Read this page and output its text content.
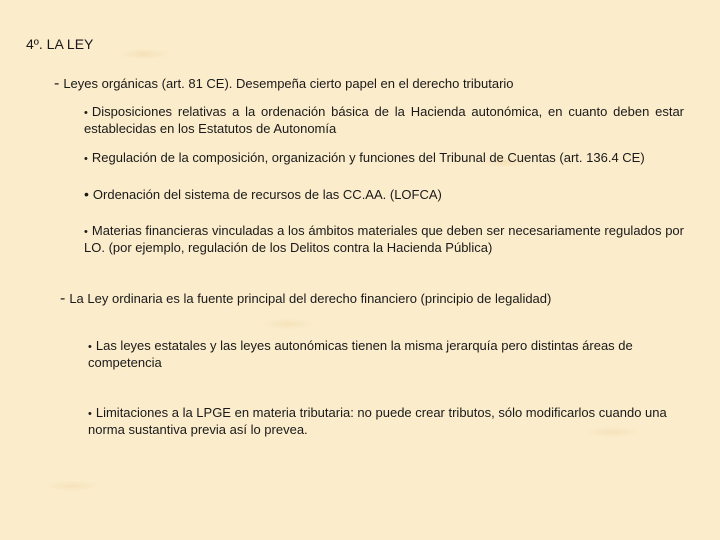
4º. LA LEY
- Leyes orgánicas (art. 81 CE). Desempeña cierto papel en el derecho tributario
• Disposiciones relativas a la ordenación básica de la Hacienda autonómica, en cuanto deben estar establecidas en los Estatutos de Autonomía
• Regulación de la composición, organización y funciones del Tribunal de Cuentas (art. 136.4 CE)
• Ordenación del sistema de recursos de las CC.AA. (LOFCA)
• Materias financieras vinculadas a los ámbitos materiales que deben ser necesariamente regulados por LO. (por ejemplo, regulación de los Delitos contra la Hacienda Pública)
- La Ley ordinaria es la fuente principal del derecho financiero (principio de legalidad)
• Las leyes estatales y las leyes autonómicas tienen la misma jerarquía pero distintas áreas de competencia
• Limitaciones a la LPGE en materia tributaria: no puede crear tributos, sólo modificarlos cuando una norma sustantiva previa así lo prevea.
